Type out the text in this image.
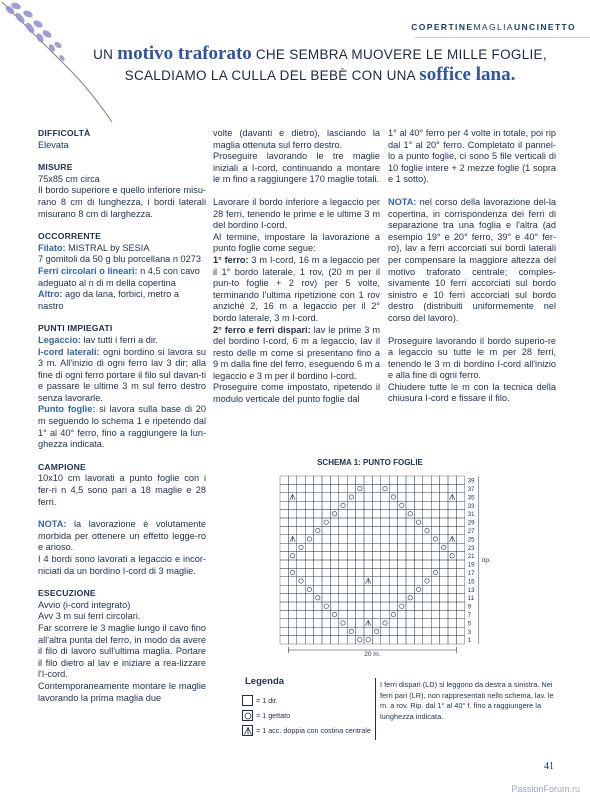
COPERTINEMAGLIAUNCINETTO
UN motivo traforato CHE SEMBRA MUOVERE LE MILLE FOGLIE,
SCALDIAMO LA CULLA DEL BEBÈ CON UNA soffice lana.
DIFFICOLTÀ

Elevata

MISURE

75x85 cm circa

Il bordo superiore e quello inferiore misu-rano 8 cm di lunghezza, i bordi laterali misurano 8 cm di larghezza.

OCCORRENTE

Filato: MISTRAL by SESIA

7 gomitoli da 50 g blu porcellana n 0273

Ferri circolari o lineari: n 4,5 con cavo adeguato al n di m della copertina

Altro: ago da lana, forbici, metro a nastro

PUNTI IMPIEGATI

Legaccio: lav tutti i ferri a dir.

I-cord laterali: ogni bordino si lavora su 3 m. All'inizio di ogni ferro lav 3 dir; alla fine di ogni ferro portare il filo sul davan-ti e passare le ultime 3 m sul ferro destro senza lavorarle.

Punto foglie: si lavora sulla base di 20 m seguendo lo schema 1 e ripetendo dal 1° al 40° ferro, fino a raggiungere la lun-ghezza indicata.

CAMPIONE

10x10 cm lavorati a punto foglie con i fer-ri n 4,5 sono pari a 18 maglie e 28 ferri.

NOTA: la lavorazione è volutamente morbida per ottenere un effetto legge-ro e arioso.

I 4 bordi sono lavorati a legaccio e incor-niciati da un bordino I-cord di 3 maglie.

ESECUZIONE

Avvio (i-cord integrato)

Avv 3 m sui ferri circolari.

Far scorrere le 3 maglie lungo il cavo fino all'altra punta del ferro, in modo da avere il filo di lavoro sull'ultima maglia. Portare il filo dietro al lav e iniziare a rea-lizzare l'I-cord.

Contemporaneamente montare le maglie lavorando la prima maglia due

volte (davanti e dietro), lasciando la maglia ottenuta sul ferro destro.

Proseguire lavorando le tre maglie iniziali a I-cord, continuando a montare le m fino a raggiungere 170 maglie totali.

Lavorare il bordo inferiore a legaccio per 28 ferri, tenendo le prime e le ultime 3 m del bordino I-cord.

Al termine, impostare la lavorazione a punto foglie come segue:

1° ferro: 3 m I-cord, 16 m a legaccio per il 1° bordo laterale, 1 rov, (20 m per il pun-to foglie + 2 rov) per 5 volte, terminando l'ultima ripetizione con 1 rov anziché 2, 16 m a legaccio per il 2° bordo laterale, 3 m I-cord.

2° ferro e ferri dispari: lav le prime 3 m del bordino I-cord, 6 m a legaccio, lav il resto delle m come si presentano fino a 9 m dalla fine del ferro, eseguendo 6 m a legaccio e 3 m per il bordino I-cord.

Proseguire come impostato, ripetendo il modulo verticale del punto foglie dal

1° al 40° ferro per 4 volte in totale, poi rip dal 1° al 20° ferro. Completato il pannel-lo a punto foglie, ci sono 5 file verticali di 10 foglie intere + 2 mezze foglie (1 sopra e 1 sotto).

NOTA: nel corso della lavorazione del-la copertina, in corrispondenza dei ferri di separazione tra una foglia e l'altra (ad esempio 19° e 20° ferro, 39° e 40° fer-ro), lav a ferri accorciati sui bordi laterali per compensare la maggiore altezza del motivo traforato centrale; comples-sivamente 10 ferri accorciati sul bordo sinistro e 10 ferri accorciati sul bordo destro (distribuiti uniformemente nel corso del lavoro).

Proseguire lavorando il bordo superio-re a legaccio su tutte le m per 28 ferri, tenendo le 3 m di bordino I-cord all'inizio e alla fine di ogni ferro.

Chiudere tutte le m con la tecnica della chiusura I-cord e fissare il filo.

SCHEMA 1: PUNTO FOGLIE
20 m.
39
37
35
33
31
29
27
25
23
21
19
17
15
13
11
9
7
5
3
1
rip.
Legenda
= 1 dir.
= 1 gettato
= 1 acc. doppia con costina centrale
I ferri dispari (LD) si leggono da destra a sinistra. Nei ferri pari (LR), non rappresentati nello schema, lav. le m. a rov. Rip. dal 1° al 40° f. fino a raggiungere la lunghezza indicata.
41
PassionForum.ru
